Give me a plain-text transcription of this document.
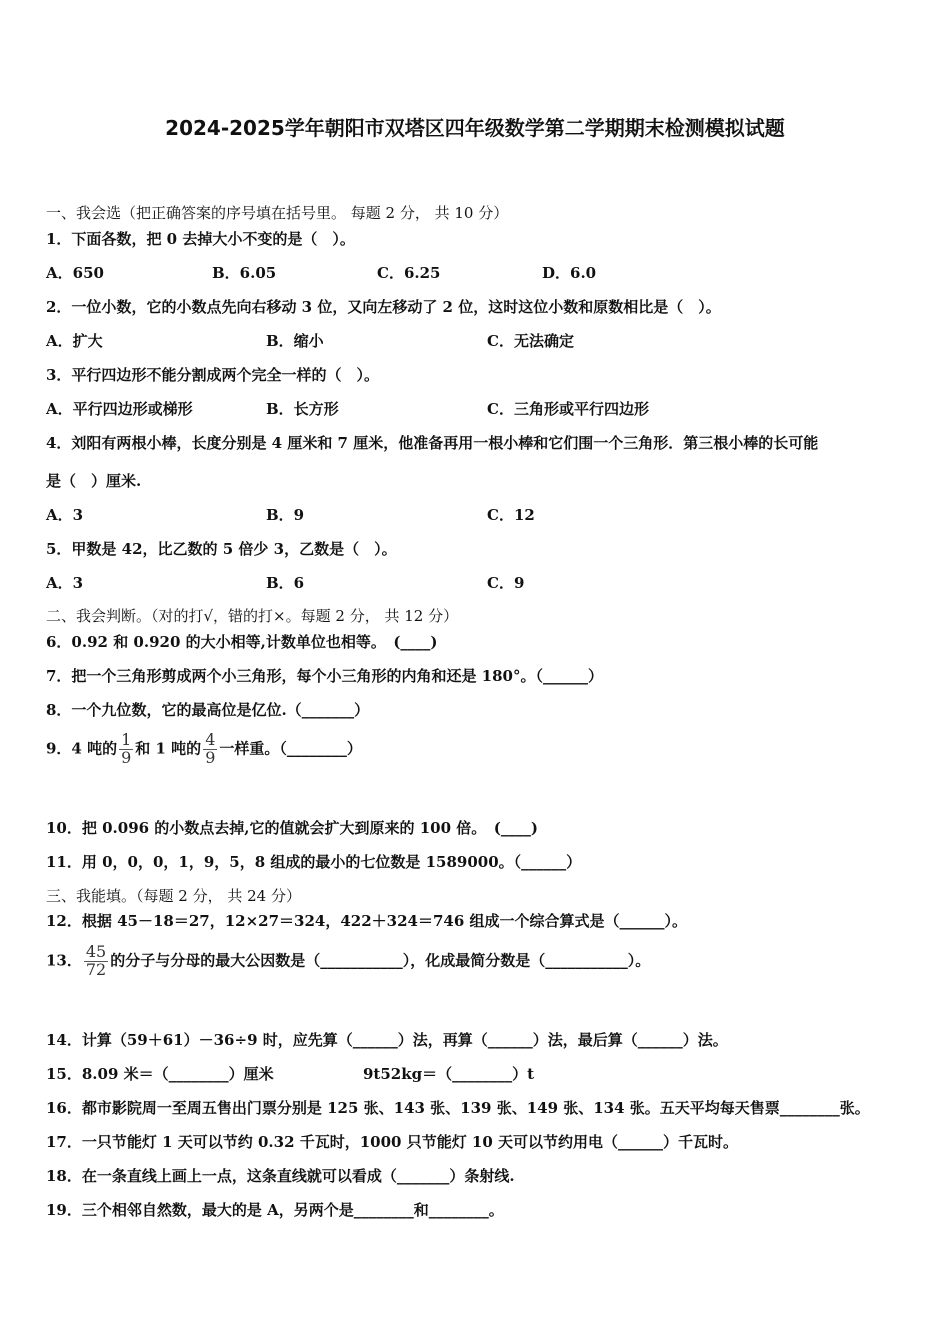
2024-2025学年朝阳市双塔区四年级数学第二学期期末检测模拟试题
一、我会选（把正确答案的序号填在括号里。 每题 2 分， 共 10 分）
1．下面各数，把 0 去掉大小不变的是（　）。
A．650	B．6.05	C．6.25	D．6.0
2．一位小数，它的小数点先向右移动 3 位，又向左移动了 2 位，这时这位小数和原数相比是（　）。
A．扩大	B．缩小	C．无法确定
3．平行四边形不能分割成两个完全一样的（　）。
A．平行四边形或梯形	B．长方形	C．三角形或平行四边形
4．刘阳有两根小棒，长度分别是 4 厘米和 7 厘米，他准备再用一根小棒和它们围一个三角形．第三根小棒的长可能
是（　）厘米.
A．3	B．9	C．12
5．甲数是 42，比乙数的 5 倍少 3，乙数是（　）。
A．3	B．6	C．9
二、我会判断。（对的打√，错的打×。每题 2 分， 共 12 分）
6．0.92 和 0.920 的大小相等,计数单位也相等。　(____)
7．把一个三角形剪成两个小三角形，每个小三角形的内角和还是 180°。（______）
8．一个九位数，它的最高位是亿位.（_______）
9．4 吨的 $\frac{1}{9}$ 和 1 吨的 $\frac{4}{9}$ 一样重。（________）
10．把 0.096 的小数点去掉,它的值就会扩大到原来的 100 倍。　(____)
11．用 0，0，0，1，9，5，8 组成的最小的七位数是 1589000。（______）
三、我能填。（每题 2 分， 共 24 分）
12．根据 45－18＝27，12×27＝324，422＋324＝746 组成一个综合算式是（______）。
13． $\frac{45}{72}$ 的分子与分母的最大公因数是（___________），化成最简分数是（___________）。
14．计算（59＋61）－36÷9 时，应先算（______）法，再算（______）法，最后算（______）法。
15．8.09 米＝（________）厘米	9t52kg＝（________）t
16．都市影院周一至周五售出门票分别是 125 张、143 张、139 张、149 张、134 张。五天平均每天售票________张。
17．一只节能灯 1 天可以节约 0.32 千瓦时，1000 只节能灯 10 天可以节约用电（______）千瓦时。
18．在一条直线上画上一点，这条直线就可以看成（_______）条射线.
19．三个相邻自然数，最大的是 A，另两个是________和________。
